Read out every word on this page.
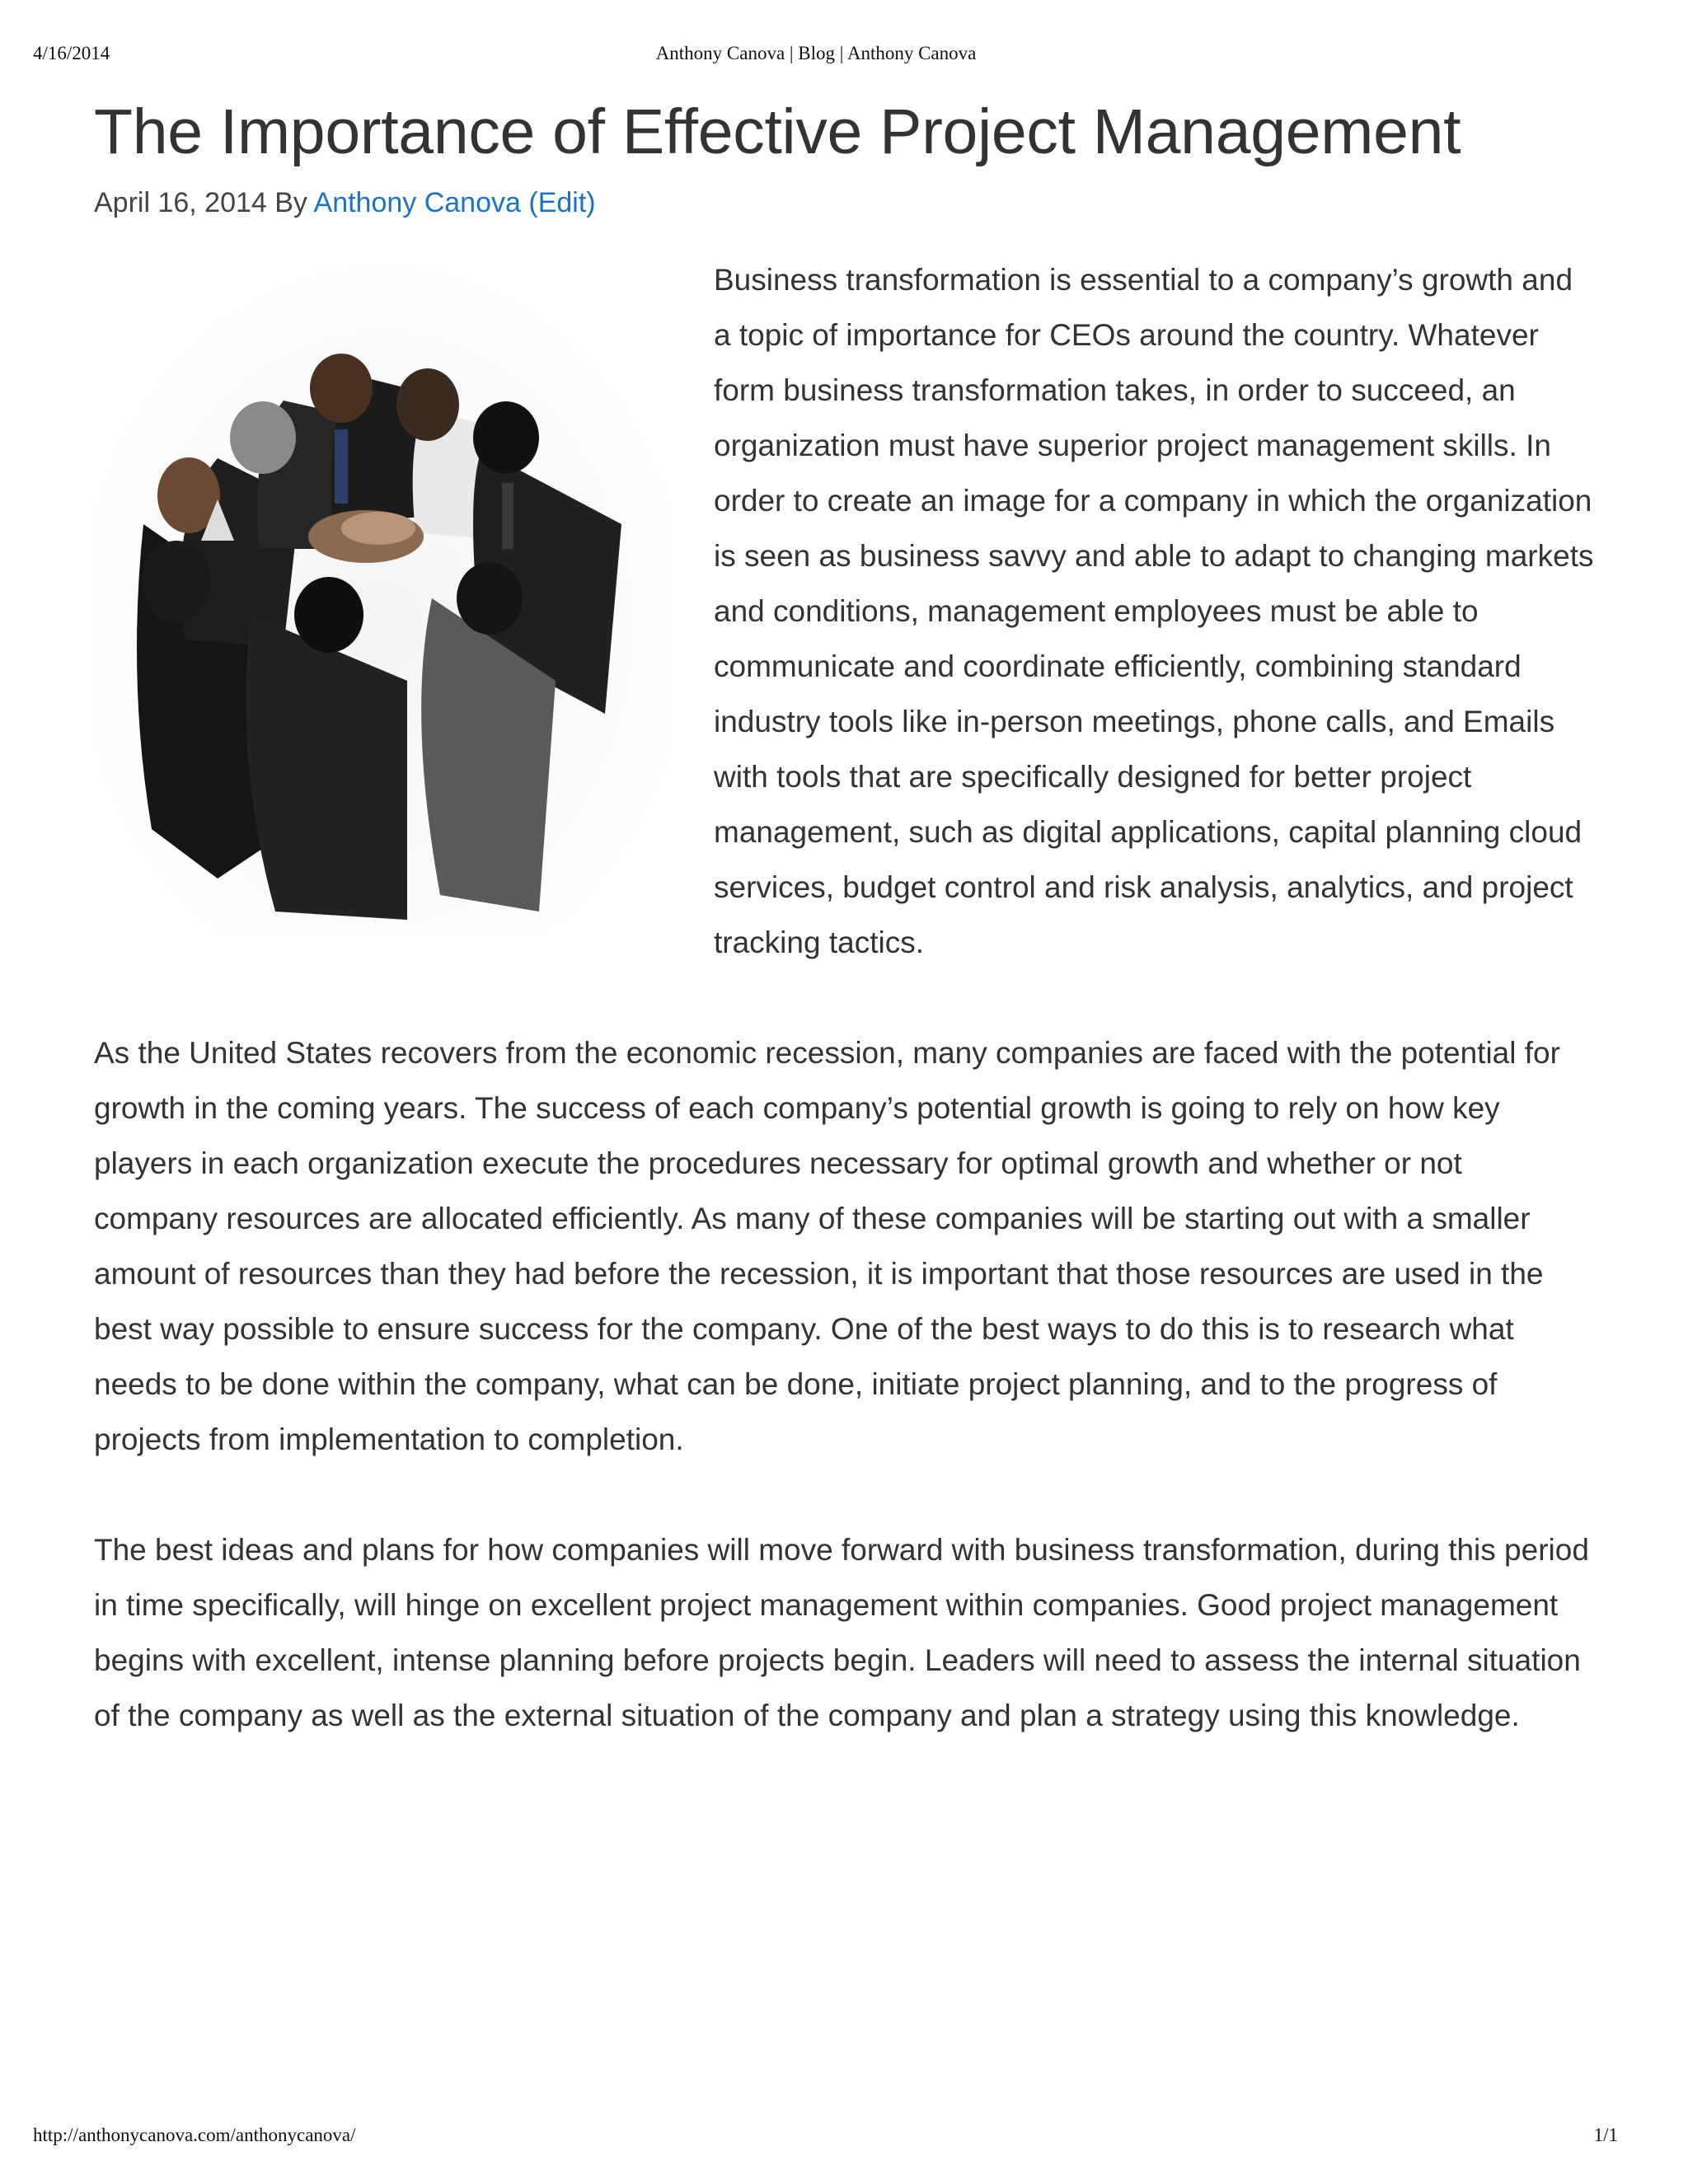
4/16/2014	Anthony Canova | Blog | Anthony Canova
The Importance of Effective Project Management
April 16, 2014 By Anthony Canova (Edit)

Business transformation is essential to a company’s growth and a topic of importance for CEOs around the country. Whatever form business transformation takes, in order to succeed, an organization must have superior project management skills. In order to create an image for a company in which the organization is seen as business savvy and able to adapt to changing markets and conditions, management employees must be able to communicate and coordinate efficiently, combining standard industry tools like in-person meetings, phone calls, and Emails with tools that are specifically designed for better project management, such as digital applications, capital planning cloud services, budget control and risk analysis, analytics, and project tracking tactics.

As the United States recovers from the economic recession, many companies are faced with the potential for growth in the coming years. The success of each company’s potential growth is going to rely on how key players in each organization execute the procedures necessary for optimal growth and whether or not company resources are allocated efficiently. As many of these companies will be starting out with a smaller amount of resources than they had before the recession, it is important that those resources are used in the best way possible to ensure success for the company. One of the best ways to do this is to research what needs to be done within the company, what can be done, initiate project planning, and to the progress of projects from implementation to completion.

The best ideas and plans for how companies will move forward with business transformation, during this period in time specifically, will hinge on excellent project management within companies. Good project management begins with excellent, intense planning before projects begin. Leaders will need to assess the internal situation of the company as well as the external situation of the company and plan a strategy using this knowledge.

http://anthonycanova.com/anthonycanova/	1/1
